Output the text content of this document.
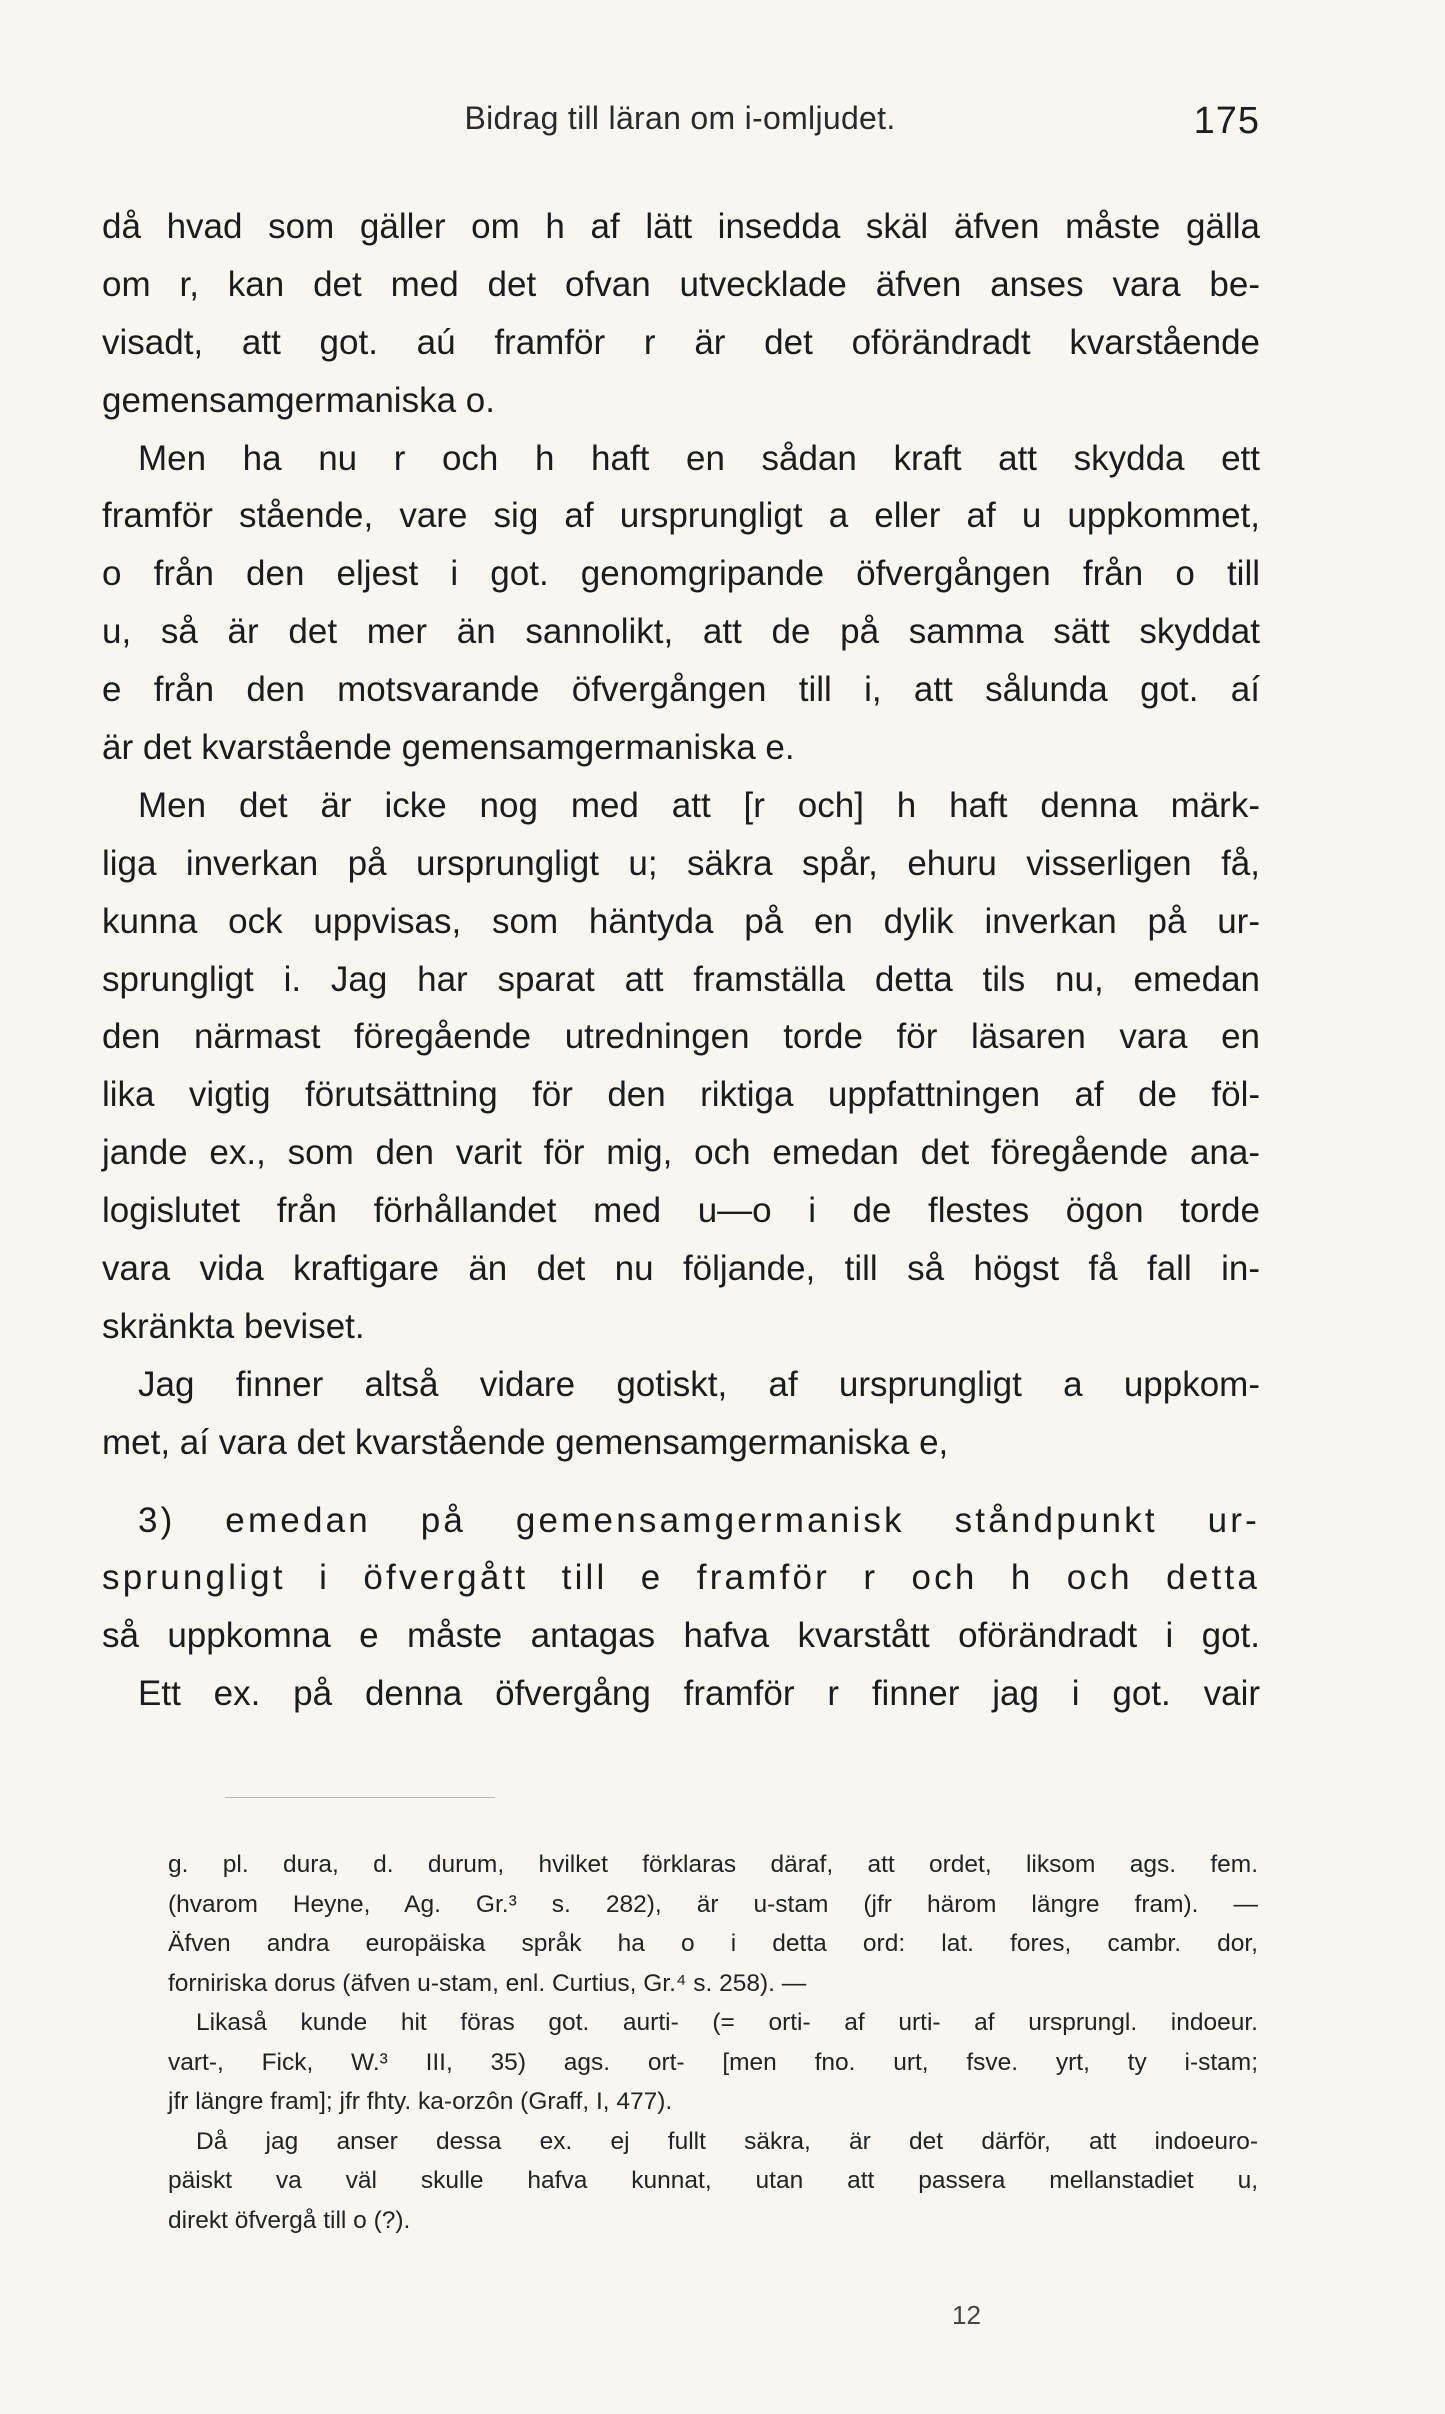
Bidrag till läran om i-omljudet.	175
då hvad som gäller om h af lätt insedda skäl äfven måste gälla
om r, kan det med det ofvan utvecklade äfven anses vara be-
visadt, att got. aú framför r är det oförändradt kvarstående
gemensamgermaniska o.
Men ha nu r och h haft en sådan kraft att skydda ett
framför stående, vare sig af ursprungligt a eller af u uppkommet,
o från den eljest i got. genomgripande öfvergången från o till
u, så är det mer än sannolikt, att de på samma sätt skyddat
e från den motsvarande öfvergången till i, att sålunda got. aí
är det kvarstående gemensamgermaniska e.
Men det är icke nog med att [r och] h haft denna märk-
liga inverkan på ursprungligt u; säkra spår, ehuru visserligen få,
kunna ock uppvisas, som häntyda på en dylik inverkan på ur-
sprungligt i. Jag har sparat att framställa detta tils nu, emedan
den närmast föregående utredningen torde för läsaren vara en
lika vigtig förutsättning för den riktiga uppfattningen af de föl-
jande ex., som den varit för mig, och emedan det föregående ana-
logislutet från förhållandet med u—o i de flestes ögon torde
vara vida kraftigare än det nu följande, till så högst få fall in-
skränkta beviset.
Jag finner altså vidare gotiskt, af ursprungligt a uppkom-
met, aí vara det kvarstående gemensamgermaniska e,
3) emedan på gemensamgermanisk ståndpunkt ur-
sprungligt i öfvergått till e framför r och h och detta
så uppkomna e måste antagas hafva kvarstått oförändradt i got.
Ett ex. på denna öfvergång framför r finner jag i got. vair
g. pl. dura, d. durum, hvilket förklaras däraf, att ordet, liksom ags. fem.
(hvarom Heyne, Ag. Gr.³ s. 282), är u-stam (jfr härom längre fram). —
Äfven andra europäiska språk ha o i detta ord: lat. fores, cambr. dor,
forniriska dorus (äfven u-stam, enl. Curtius, Gr.⁴ s. 258). —
Likaså kunde hit föras got. aurti- (= orti- af urti- af ursprungl. indoeur.
vart-, Fick, W.³ III, 35) ags. ort- [men fno. urt, fsve. yrt, ty i-stam;
jfr längre fram]; jfr fhty. ka-orzôn (Graff, I, 477).
Då jag anser dessa ex. ej fullt säkra, är det därför, att indoeuro-
päiskt va väl skulle hafva kunnat, utan att passera mellanstadiet u,
direkt öfvergå till o (?).
12
